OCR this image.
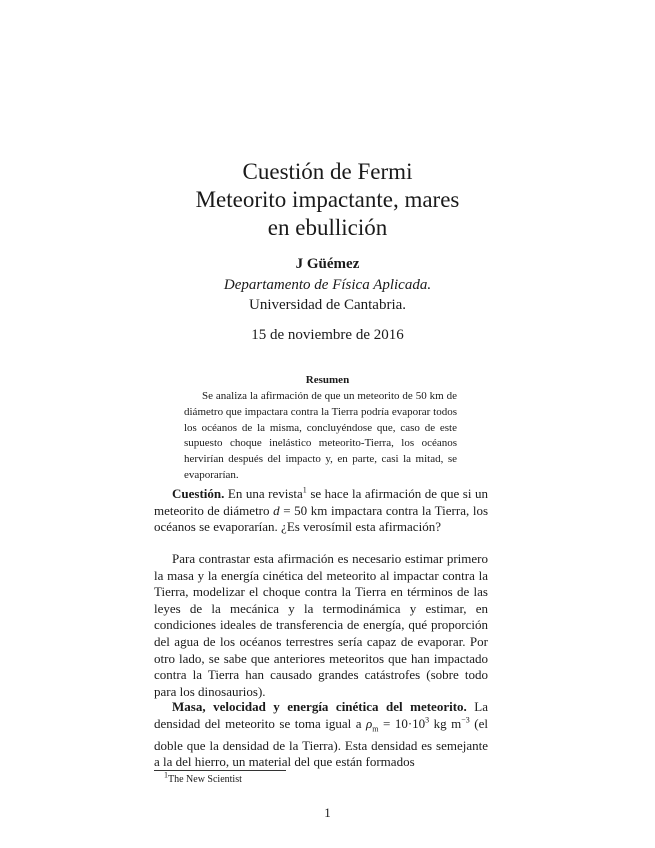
Cuestión de Fermi
Meteorito impactante, mares
en ebullición
J Güémez
Departamento de Física Aplicada.
Universidad de Cantabria.
15 de noviembre de 2016
Resumen
Se analiza la afirmación de que un meteorito de 50 km de diámetro que impactara contra la Tierra podría evaporar todos los océanos de la misma, concluyéndose que, caso de este supuesto choque inelástico meteorito-Tierra, los océanos hervirían después del impacto y, en parte, casi la mitad, se evaporarían.

Cuestión. En una revista$^1$ se hace la afirmación de que si un meteorito de diámetro d = 50 km impactara contra la Tierra, los océanos se evaporarían. ¿Es verosímil esta afirmación?

Para contrastar esta afirmación es necesario estimar primero la masa y la energía cinética del meteorito al impactar contra la Tierra, modelizar el choque contra la Tierra en términos de las leyes de la mecánica y la termodinámica y estimar, en condiciones ideales de transferencia de energía, qué proporción del agua de los océanos terrestres sería capaz de evaporar. Por otro lado, se sabe que anteriores meteoritos que han impactado contra la Tierra han causado grandes catástrofes (sobre todo para los dinosaurios).

Masa, velocidad y energía cinética del meteorito. La densidad del meteorito se toma igual a $\rho_m = 10\cdot 10^3$ kg $m^{-3}$ (el doble que la densidad de la Tierra). Esta densidad es semejante a la del hierro, un material del que están formados

$^1$The New Scientist
1
